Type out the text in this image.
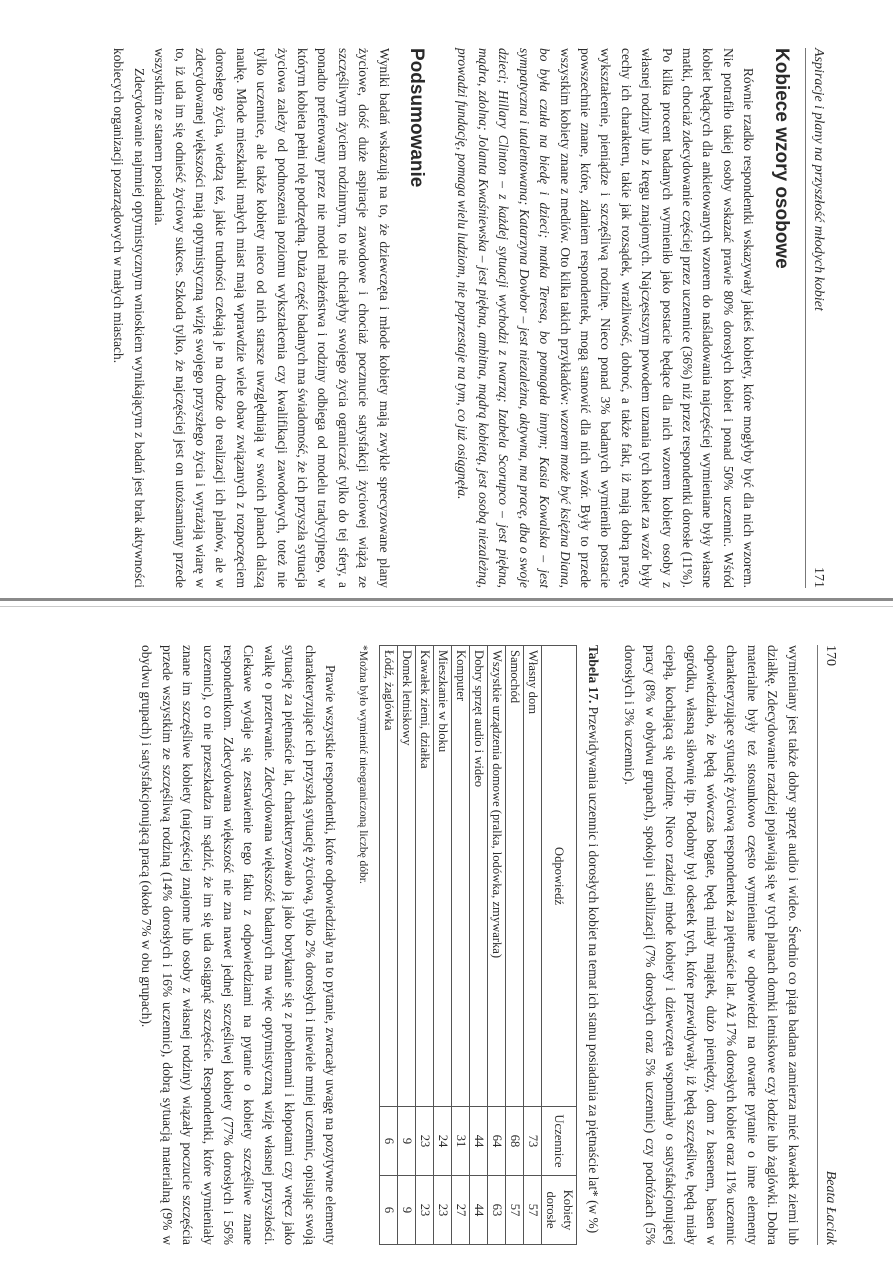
170
Beata Łaciak

wymieniany jest także dobry sprzęt audio i wideo. Średnio co piąta badana zamierza mieć kawałek ziemi lub działkę. Zdecydowanie rzadziej pojawiają się w tych planach domki letniskowe czy łodzie lub żaglówki. Dobra materialne były też stosunkowo często wymieniane w odpowiedzi na otwarte pytanie o inne elementy charakteryzujące sytuację życiową respondentek za piętnaście lat. Aż 17% dorosłych kobiet oraz 11% uczennic odpowiedziało, że będą wówczas bogate, będą miały majątek, dużo pieniędzy, dom z basenem, basen w ogródku, własną siłownię itp. Podobny był odsetek tych, które przewidywały, iż będą szczęśliwe, będą miały ciepłą, kochającą się rodzinę. Nieco rzadziej młode kobiety i dziewczęta wspominały o satysfakcjonującej pracy (8% w obydwu grupach), spokoju i stabilizacji (7% dorosłych oraz 5% uczennic) czy podróżach (5% dorosłych i 3% uczennic).

Tabela 17. Przewidywania uczennic i dorosłych kobiet na temat ich stanu posiadania za piętnaście lat* (w %)

Odpowiedź	Uczennice	Kobiety dorosłe
Własny dom	73	57
Samochód	68	57
Wszystkie urządzenia domowe (pralka, lodówka, zmywarka)	64	63
Dobry sprzęt audio i wideo	44	44
Komputer	31	27
Mieszkanie w bloku	24	23
Kawałek ziemi, działka	23	23
Domek letniskowy	9	9
Łódź, żaglówka	6	6

*Można było wymienić nieograniczoną liczbę dóbr.

Prawie wszystkie respondentki, które odpowiedziały na to pytanie, zwracały uwagę na pozytywne elementy charakteryzujące ich przyszłą sytuację życiową, tylko 2% dorosłych i niewiele mniej uczennic, opisując swoją sytuację za piętnaście lat, charakteryzowało ją jako borykanie się z problemami i kłopotami czy wręcz jako walkę o przetrwanie. Zdecydowana większość badanych ma więc optymistyczną wizję własnej przyszłości. Ciekawe wydaje się zestawienie tego faktu z odpowiedziami na pytanie o kobiety szczęśliwe znane respondentkom. Zdecydowana większość nie zna nawet jednej szczęśliwej kobiety (77% dorosłych i 56% uczennic), co nie przeszkadza im sądzić, że im się uda osiągnąć szczęście. Respondentki, które wymieniały znane im szczęśliwe kobiety (najczęściej znajome lub osoby z własnej rodziny) wiązały poczucie szczęścia przede wszystkim ze szczęśliwą rodziną (14% dorosłych i 16% uczennic), dobrą sytuacją materialną (9% w obydwu grupach) i satysfakcjonującą pracą (około 7% w obu grupach).

Aspiracje i plany na przyszłość młodych kobiet
171
Kobiece wzory osobowe

Równie rzadko respondentki wskazywały jakieś kobiety, które mogłyby być dla nich wzorem. Nie potrafiło takiej osoby wskazać prawie 80% dorosłych kobiet i ponad 50% uczennic. Wśród kobiet będących dla ankietowanych wzorem do naśladowania najczęściej wymieniane były własne matki, chociaż zdecydowanie częściej przez uczennice (36%) niż przez respondentki dorosłe (11%). Po kilka procent badanych wymieniło jako postacie będące dla nich wzorem kobiety osoby z własnej rodziny lub z kręgu znajomych. Najczęstszym powodem uznania tych kobiet za wzór były cechy ich charakteru, takie jak rozsądek, wrażliwość, dobroć, a także fakt, iż mają dobrą pracę, wykształcenie, pieniądze i szczęśliwą rodzinę. Nieco ponad 3% badanych wymieniło postacie powszechnie znane, które, zdaniem respondentek, mogą stanowić dla nich wzór. Były to przede wszystkim kobiety znane z mediów. Oto kilka takich przykładów: wzorem może być księżna Diana, bo była czuła na biedę i dzieci; matka Teresa, bo pomagała innym; Kasia Kowalska – jest sympatyczna i utalentowana; Katarzyna Dowbor – jest niezależna, aktywna, ma pracę, dba o swoje dzieci; Hillary Clinton – z każdej sytuacji wychodzi z twarzą; Izabela Scorupco – jest piękna, mądra, zdolna; Jolanta Kwaśniewska – jest piękna, ambitna, mądrą kobietą, jest osobą niezależną, prowadzi fundację, pomaga wielu ludziom, nie poprzestaje na tym, co już osiągnęła.

Podsumowanie

Wyniki badań wskazują na to, że dziewczęta i młode kobiety mają zwykle sprecyzowane plany życiowe, dość duże aspiracje zawodowe i chociaż pocznucie satysfakcji życiowej wiążą ze szczęśliwym życiem rodzinnym, to nie chciałyby swojego życia ograniczać tylko do tej sfery, a ponadto preferowany przez nie model małżeństwa i rodziny odbiega od modelu tradycyjnego, w którym kobieta pełni rolę podrzędną. Duża część badanych ma świadomość, że ich przyszła sytuacja życiowa zależy od podnoszenia poziomu wykształcenia czy kwalifikacji zawodowych, toteż nie tylko uczennice, ale także kobiety nieco od nich starsze uwzględniają w swoich planach dalszą naukę. Młode mieszkanki małych miast mają wprawdzie wiele obaw związanych z rozpoczęciem dorosłego życia, wiedzą też, jakie trudności czekają je na drodze do realizacji ich planów, ale w zdecydowanej większości mają optymistyczną wizję swojego przyszłego życia i wyrażają wiarę w to, iż uda im się odnieść życiowy sukces. Szkoda tylko, że najczęściej jest on utożsamiany przede wszystkim ze stanem posiadania.

Zdecydowanie najmniej optymistycznym wnioskiem wynikającym z badań jest brak aktywności kobiecych organizacji pozarządowych w małych miastach.
